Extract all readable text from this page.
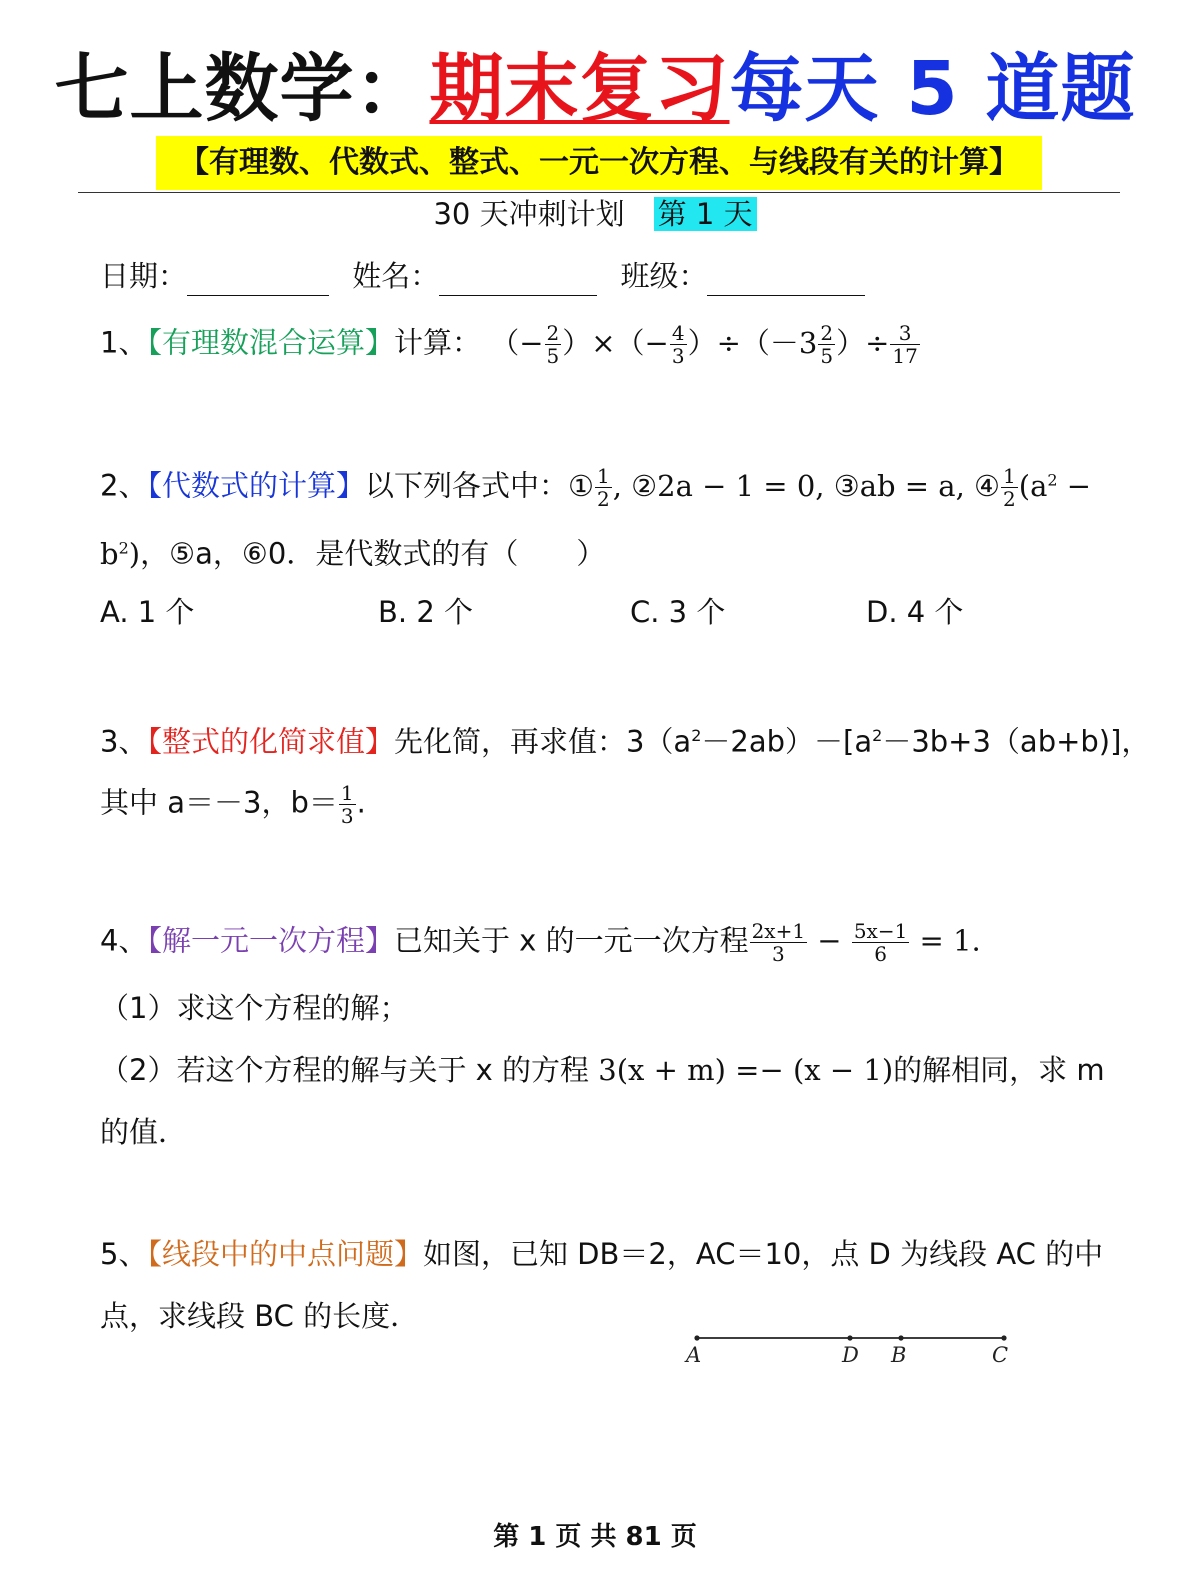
七上数学：期末复习每天 5 道题
【有理数、代数式、整式、一元一次方程、与线段有关的计算】
30 天冲刺计划　 第 1 天
日期：	姓名：	班级：
1、【有理数混合运算】计算： （− $\frac{2}{5}$ ）×（− $\frac{4}{3} )\div(-3 \frac{2}{5}$ ）÷ $\frac{3}{17}$
2、【代数式的计算】以下列各式中：① $\frac{1}{2}$ , ②2a − 1 = 0, ③ab = a, ④ $\frac{1}{2} (a^2$ −
$b^2$)，⑤a，⑥0．是代数式的有（　　）
A. 1 个	B. 2 个	C. 3 个	D. 4 个
3、【整式的化简求值】先化简，再求值：$3(a^2-2ab)-[a^2-3b+3(ab+b)]$，
其中 a＝－3，$b= \frac{1}{3}$ .
4、【解一元一次方程】已知关于 x 的一元一次方程 $\frac{2x+1}{3} - \frac{5x-1}{6} = 1$.
（1）求这个方程的解；
（2）若这个方程的解与关于 x 的方程 3(x + m) =− (x − 1)的解相同，求 m
的值．
5、【线段中的中点问题】如图，已知 DB＝2，AC＝10，点 D 为线段 AC 的中
点，求线段 BC 的长度．
A	D B	C
第 1 页 共 81 页
